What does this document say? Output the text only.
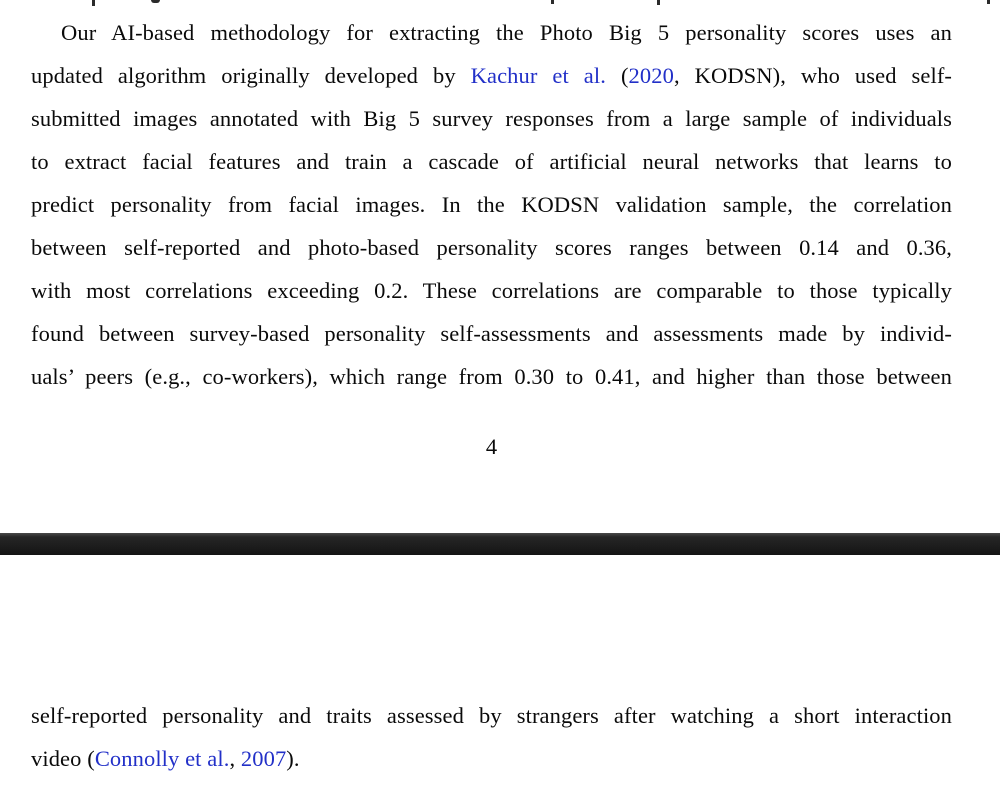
Our AI-based methodology for extracting the Photo Big 5 personality scores uses an
updated algorithm originally developed by Kachur et al. (2020, KODSN), who used self-
submitted images annotated with Big 5 survey responses from a large sample of individuals
to extract facial features and train a cascade of artificial neural networks that learns to
predict personality from facial images. In the KODSN validation sample, the correlation
between self-reported and photo-based personality scores ranges between 0.14 and 0.36,
with most correlations exceeding 0.2. These correlations are comparable to those typically
found between survey-based personality self-assessments and assessments made by individ-
uals’ peers (e.g., co-workers), which range from 0.30 to 0.41, and higher than those between
4
self-reported personality and traits assessed by strangers after watching a short interaction
video (Connolly et al., 2007).
